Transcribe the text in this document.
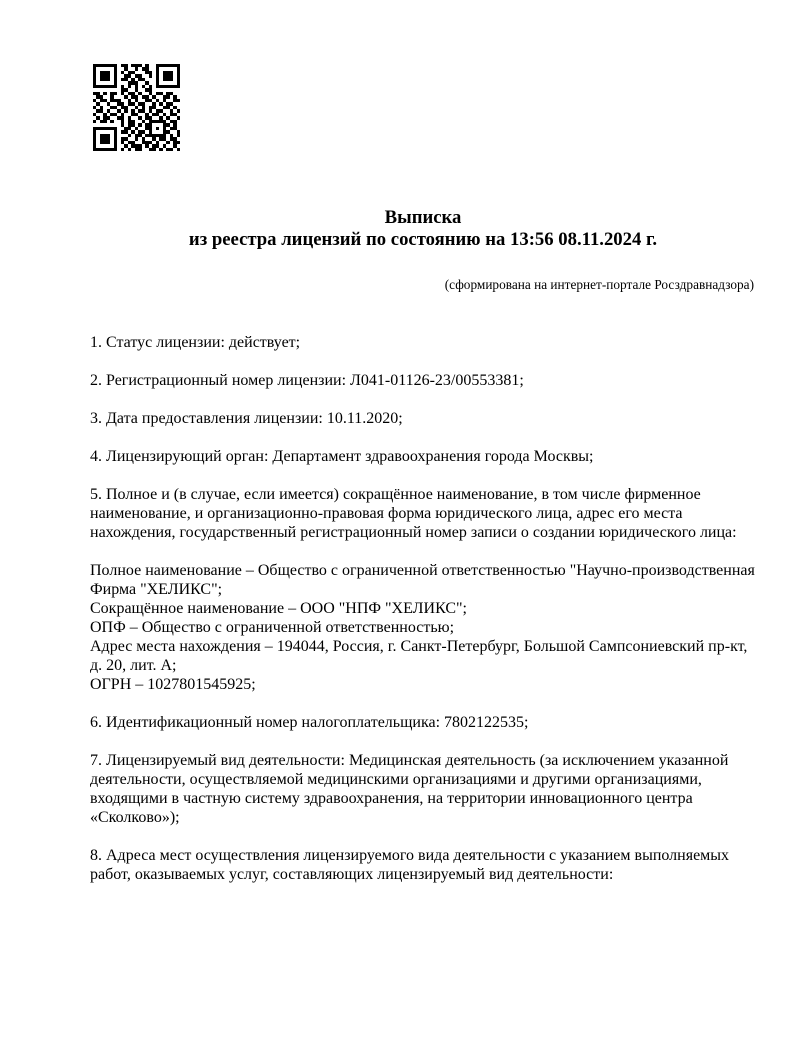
Выписка
из реестра лицензий по состоянию на 13:56 08.11.2024 г.
(сформирована на интернет-портале Росздравнадзора)

1. Статус лицензии: действует;

2. Регистрационный номер лицензии: Л041-01126-23/00553381;

3. Дата предоставления лицензии: 10.11.2020;

4. Лицензирующий орган: Департамент здравоохранения города Москвы;

5. Полное и (в случае, если имеется) сокращённое наименование, в том числе фирменное наименование, и организационно-правовая форма юридического лица, адрес его места нахождения, государственный регистрационный номер записи о создании юридического лица:

Полное наименование – Общество с ограниченной ответственностью "Научно-производственная Фирма "ХЕЛИКС";
Сокращённое наименование – ООО "НПФ "ХЕЛИКС";
ОПФ – Общество с ограниченной ответственностью;
Адрес места нахождения – 194044, Россия, г. Санкт-Петербург, Большой Сампсониевский пр-кт, д. 20, лит. А;
ОГРН – 1027801545925;

6. Идентификационный номер налогоплательщика: 7802122535;

7. Лицензируемый вид деятельности: Медицинская деятельность (за исключением указанной деятельности, осуществляемой медицинскими организациями и другими организациями, входящими в частную систему здравоохранения, на территории инновационного центра «Сколково»);

8. Адреса мест осуществления лицензируемого вида деятельности с указанием выполняемых работ, оказываемых услуг, составляющих лицензируемый вид деятельности:
